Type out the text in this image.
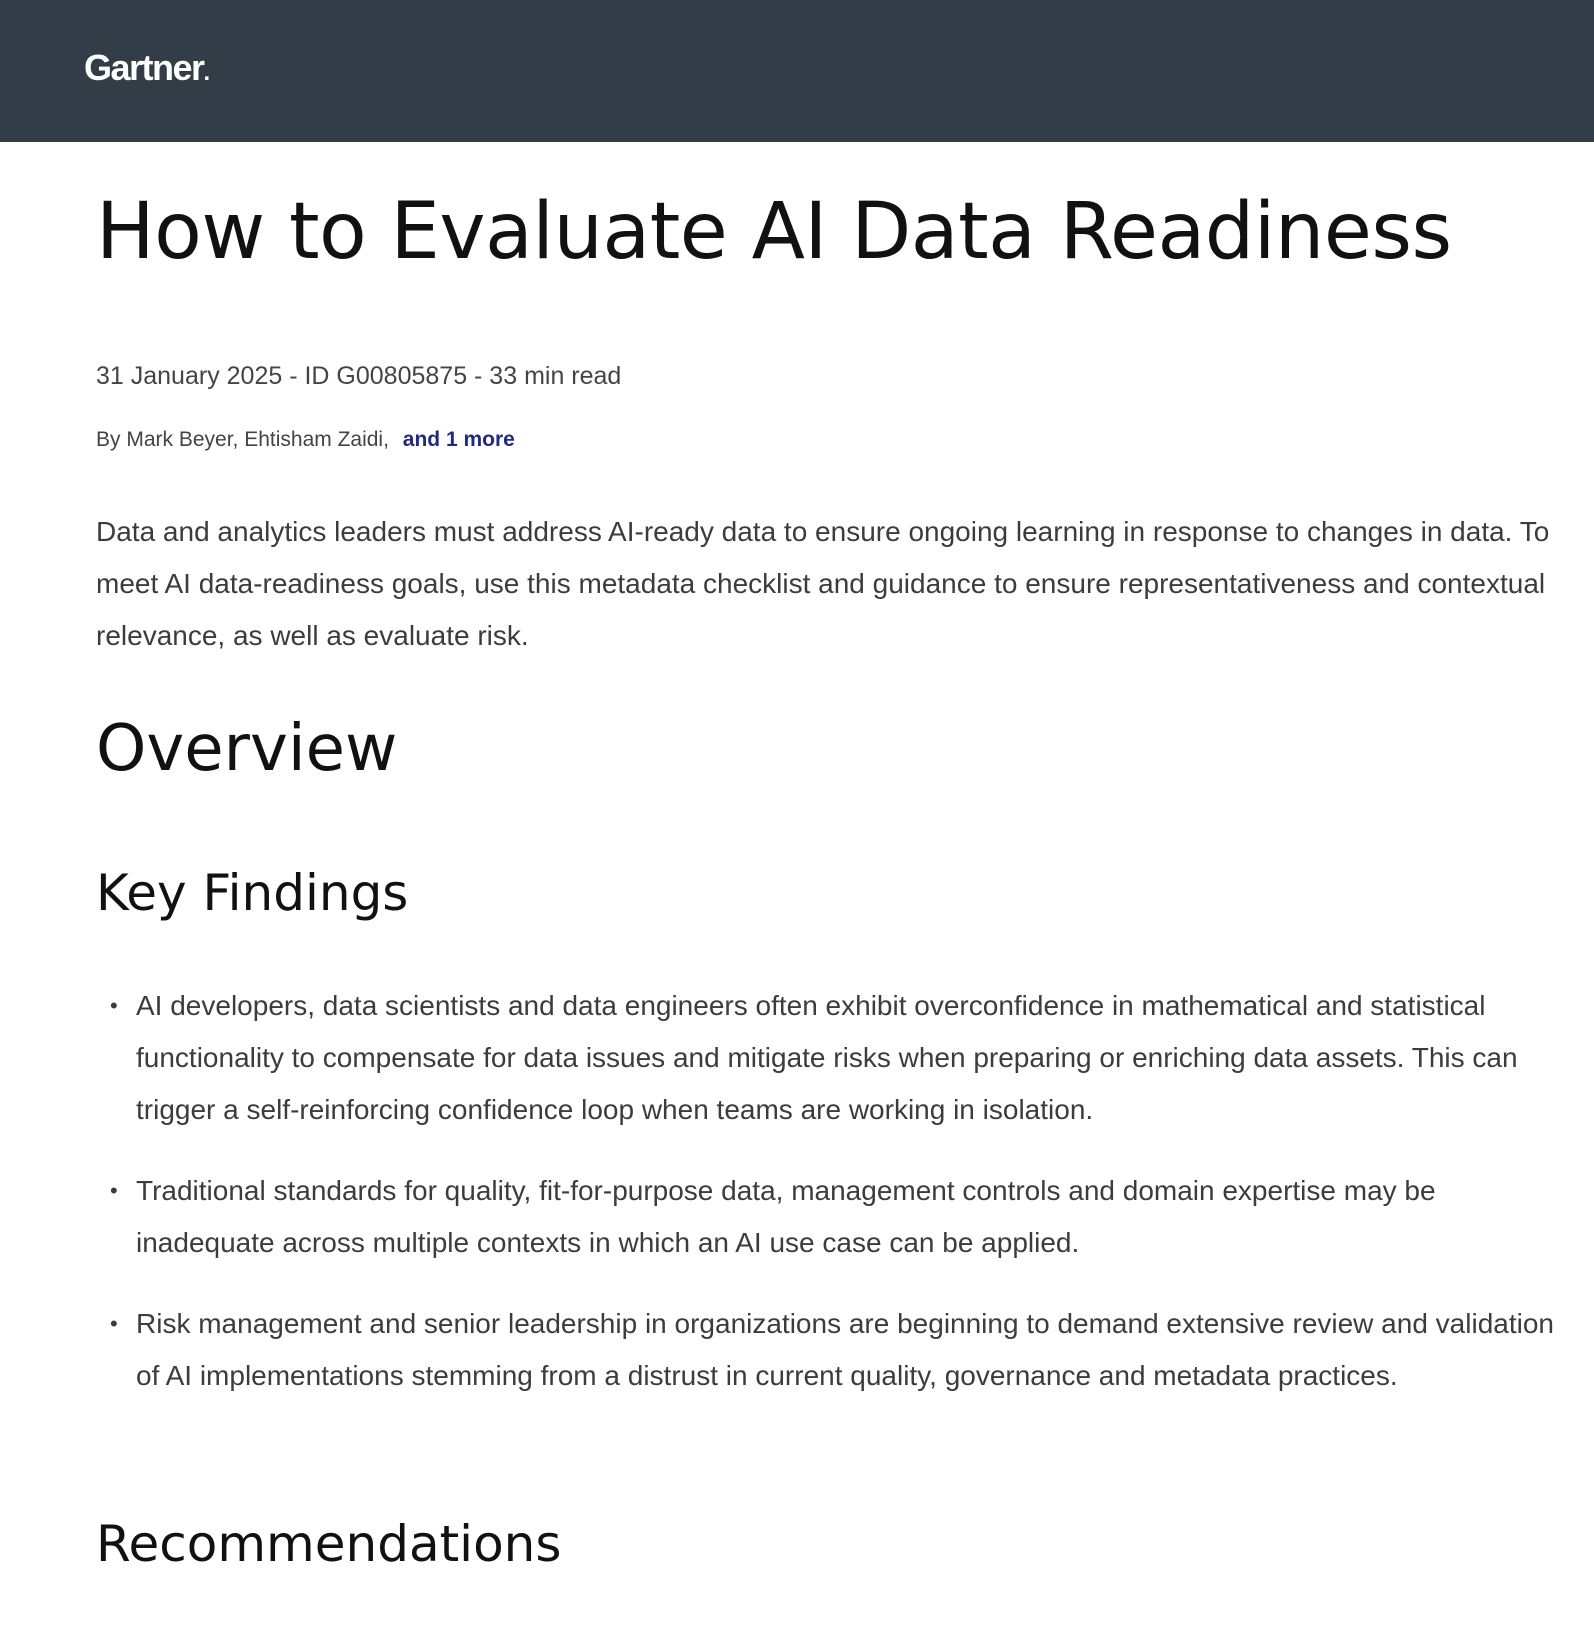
Gartner.
How to Evaluate AI Data Readiness
31 January 2025 - ID G00805875 - 33 min read
By Mark Beyer, Ehtisham Zaidi, and 1 more

Data and analytics leaders must address AI-ready data to ensure ongoing learning in response to changes in data. To meet AI data-readiness goals, use this metadata checklist and guidance to ensure representativeness and contextual relevance, as well as evaluate risk.

Overview
Key Findings
• AI developers, data scientists and data engineers often exhibit overconfidence in mathematical and statistical functionality to compensate for data issues and mitigate risks when preparing or enriching data assets. This can trigger a self-reinforcing confidence loop when teams are working in isolation.
• Traditional standards for quality, fit-for-purpose data, management controls and domain expertise may be inadequate across multiple contexts in which an AI use case can be applied.
• Risk management and senior leadership in organizations are beginning to demand extensive review and validation of AI implementations stemming from a distrust in current quality, governance and metadata practices.
Recommendations
